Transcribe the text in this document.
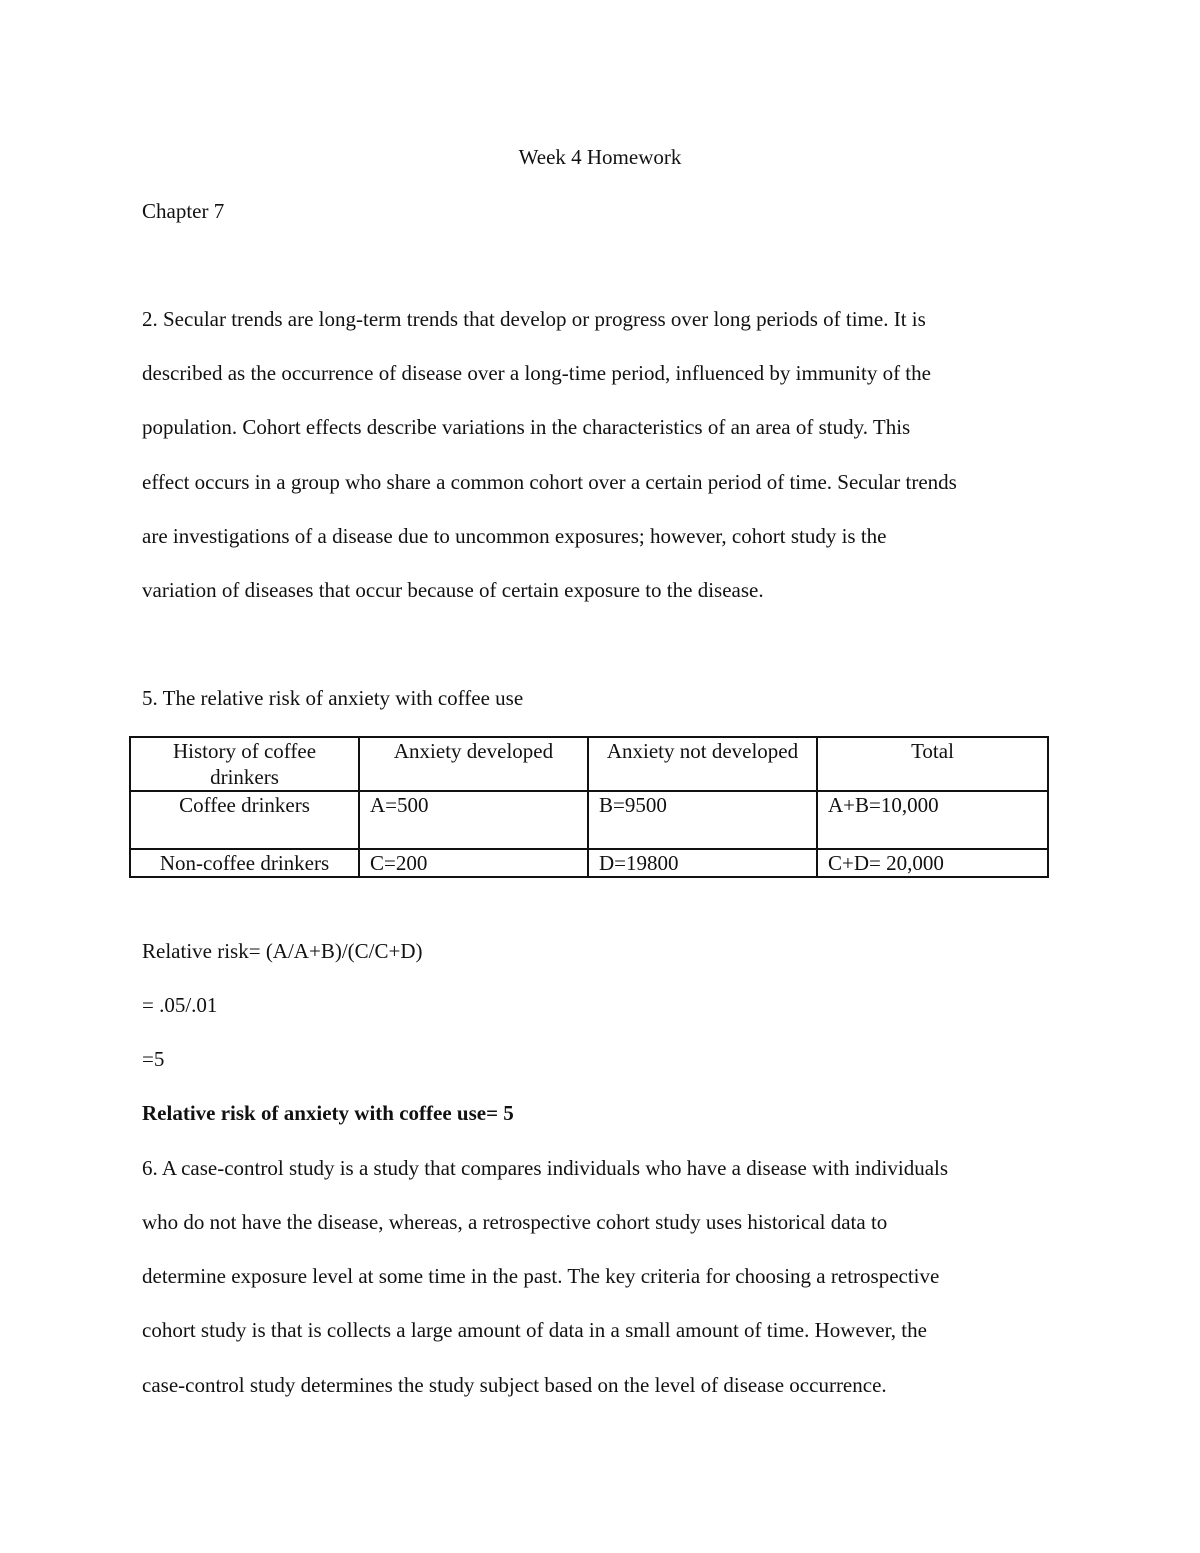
Week 4 Homework
Chapter 7
2. Secular trends are long-term trends that develop or progress over long periods of time. It is
described as the occurrence of disease over a long-time period, influenced by immunity of the
population. Cohort effects describe variations in the characteristics of an area of study. This
effect occurs in a group who share a common cohort over a certain period of time. Secular trends
are investigations of a disease due to uncommon exposures; however, cohort study is the
variation of diseases that occur because of certain exposure to the disease.
5. The relative risk of anxiety with coffee use
History of coffee drinkers	Anxiety developed	Anxiety not developed	Total
Coffee drinkers	A=500	B=9500	A+B=10,000
Non-coffee drinkers	C=200	D=19800	C+D= 20,000
Relative risk= (A/A+B)/(C/C+D)
= .05/.01
=5
Relative risk of anxiety with coffee use= 5
6. A case-control study is a study that compares individuals who have a disease with individuals
who do not have the disease, whereas, a retrospective cohort study uses historical data to
determine exposure level at some time in the past. The key criteria for choosing a retrospective
cohort study is that is collects a large amount of data in a small amount of time. However, the
case-control study determines the study subject based on the level of disease occurrence.
